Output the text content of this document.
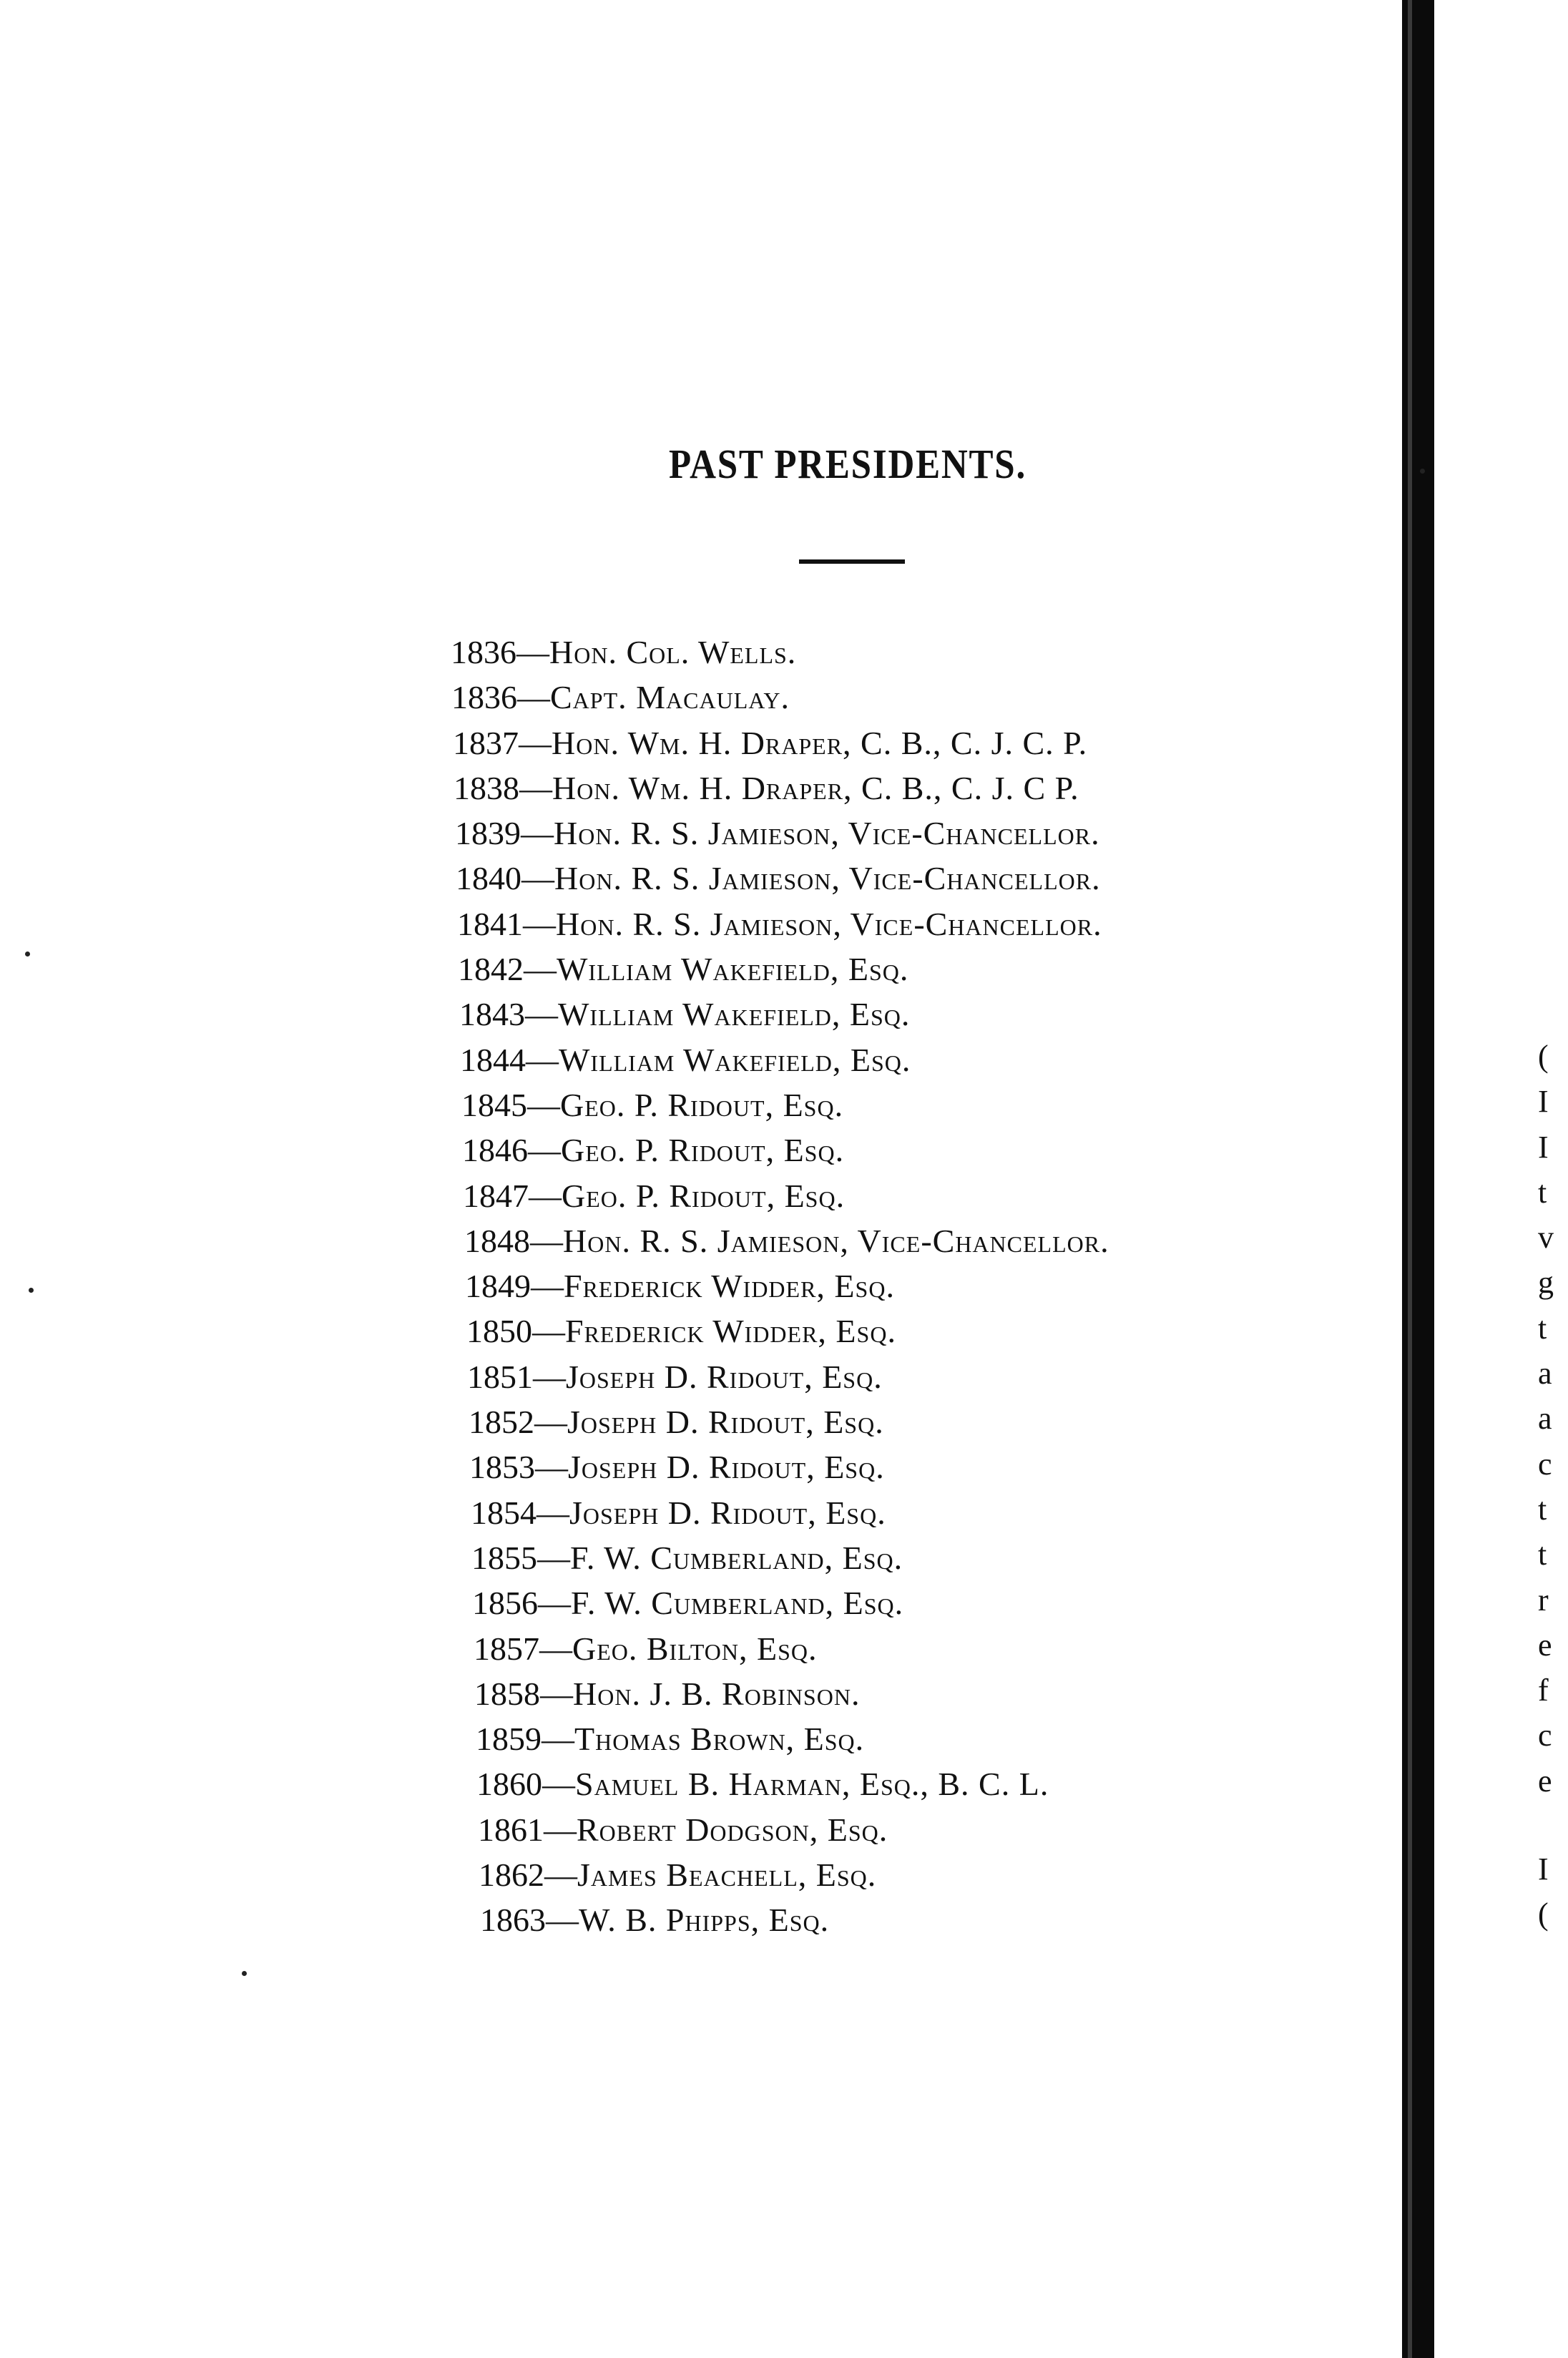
PAST PRESIDENTS.
1836—Hon. Col. Wells.
1836—Capt. Macaulay.
1837—Hon. Wm. H. Draper, C. B., C. J. C. P.
1838—Hon. Wm. H. Draper, C. B., C. J. C P.
1839—Hon. R. S. Jamieson, Vice-Chancellor.
1840—Hon. R. S. Jamieson, Vice-Chancellor.
1841—Hon. R. S. Jamieson, Vice-Chancellor.
1842—William Wakefield, Esq.
1843—William Wakefield, Esq.
1844—William Wakefield, Esq.
1845—Geo. P. Ridout, Esq.
1846—Geo. P. Ridout, Esq.
1847—Geo. P. Ridout, Esq.
1848—Hon. R. S. Jamieson, Vice-Chancellor.
1849—Frederick Widder, Esq.
1850—Frederick Widder, Esq.
1851—Joseph D. Ridout, Esq.
1852—Joseph D. Ridout, Esq.
1853—Joseph D. Ridout, Esq.
1854—Joseph D. Ridout, Esq.
1855—F. W. Cumberland, Esq.
1856—F. W. Cumberland, Esq.
1857—Geo. Bilton, Esq.
1858—Hon. J. B. Robinson.
1859—Thomas Brown, Esq.
1860—Samuel B. Harman, Esq., B. C. L.
1861—Robert Dodgson, Esq.
1862—James Beachell, Esq.
1863—W. B. Phipps, Esq.
(
I
I
t
v
g
t
a
a
c
t
t
r
e
f
c
e
I
(
